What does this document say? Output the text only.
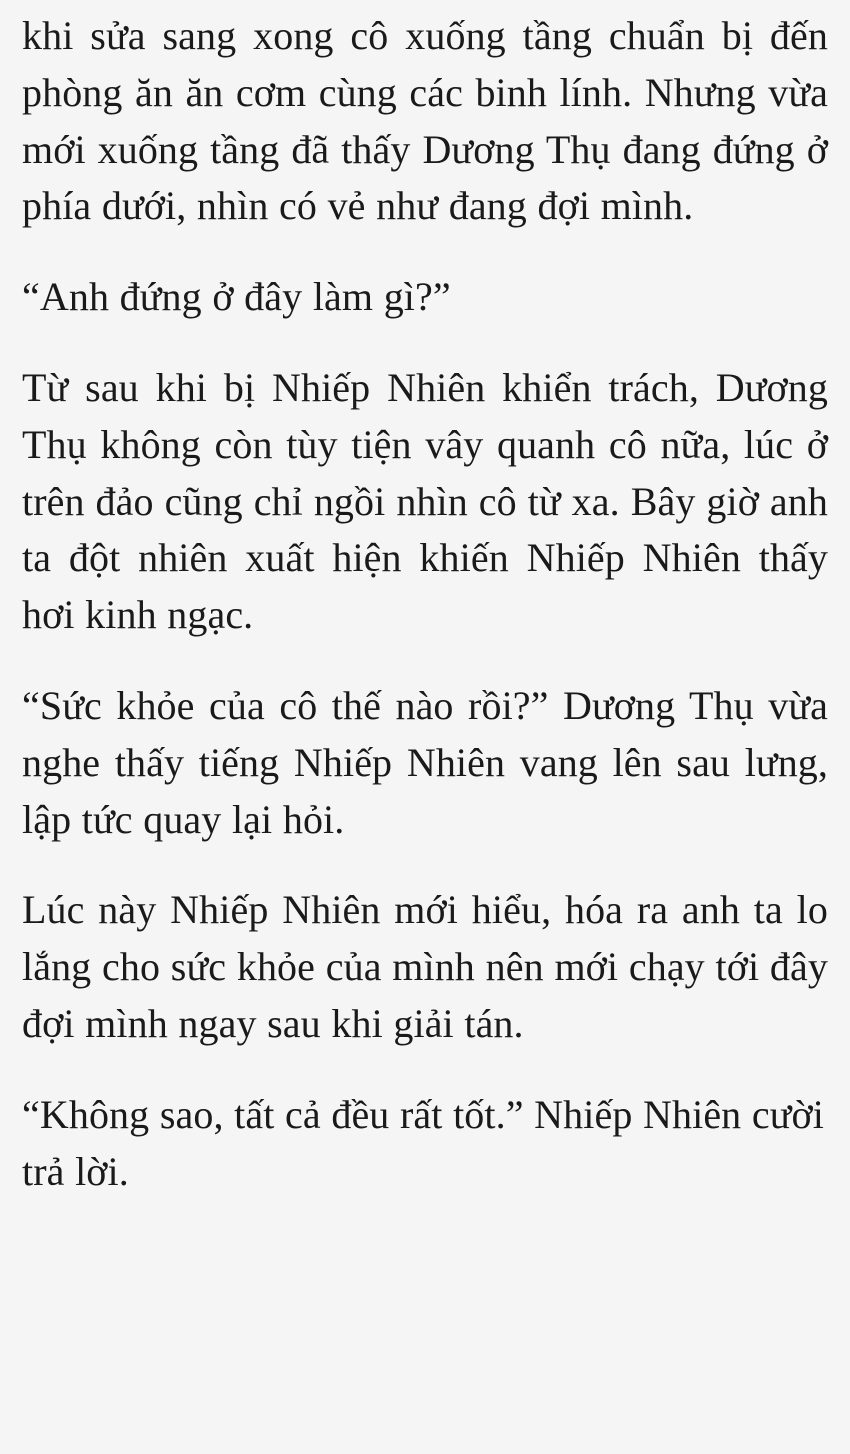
khi sửa sang xong cô xuống tầng chuẩn bị đến phòng ăn ăn cơm cùng các binh lính. Nhưng vừa mới xuống tầng đã thấy Dương Thụ đang đứng ở phía dưới, nhìn có vẻ như đang đợi mình.

“Anh đứng ở đây làm gì?”

Từ sau khi bị Nhiếp Nhiên khiển trách, Dương Thụ không còn tùy tiện vây quanh cô nữa, lúc ở trên đảo cũng chỉ ngồi nhìn cô từ xa. Bây giờ anh ta đột nhiên xuất hiện khiến Nhiếp Nhiên thấy hơi kinh ngạc.

“Sức khỏe của cô thế nào rồi?” Dương Thụ vừa nghe thấy tiếng Nhiếp Nhiên vang lên sau lưng, lập tức quay lại hỏi.

Lúc này Nhiếp Nhiên mới hiểu, hóa ra anh ta lo lắng cho sức khỏe của mình nên mới chạy tới đây đợi mình ngay sau khi giải tán.

“Không sao, tất cả đều rất tốt.” Nhiếp Nhiên cười trả lời.
